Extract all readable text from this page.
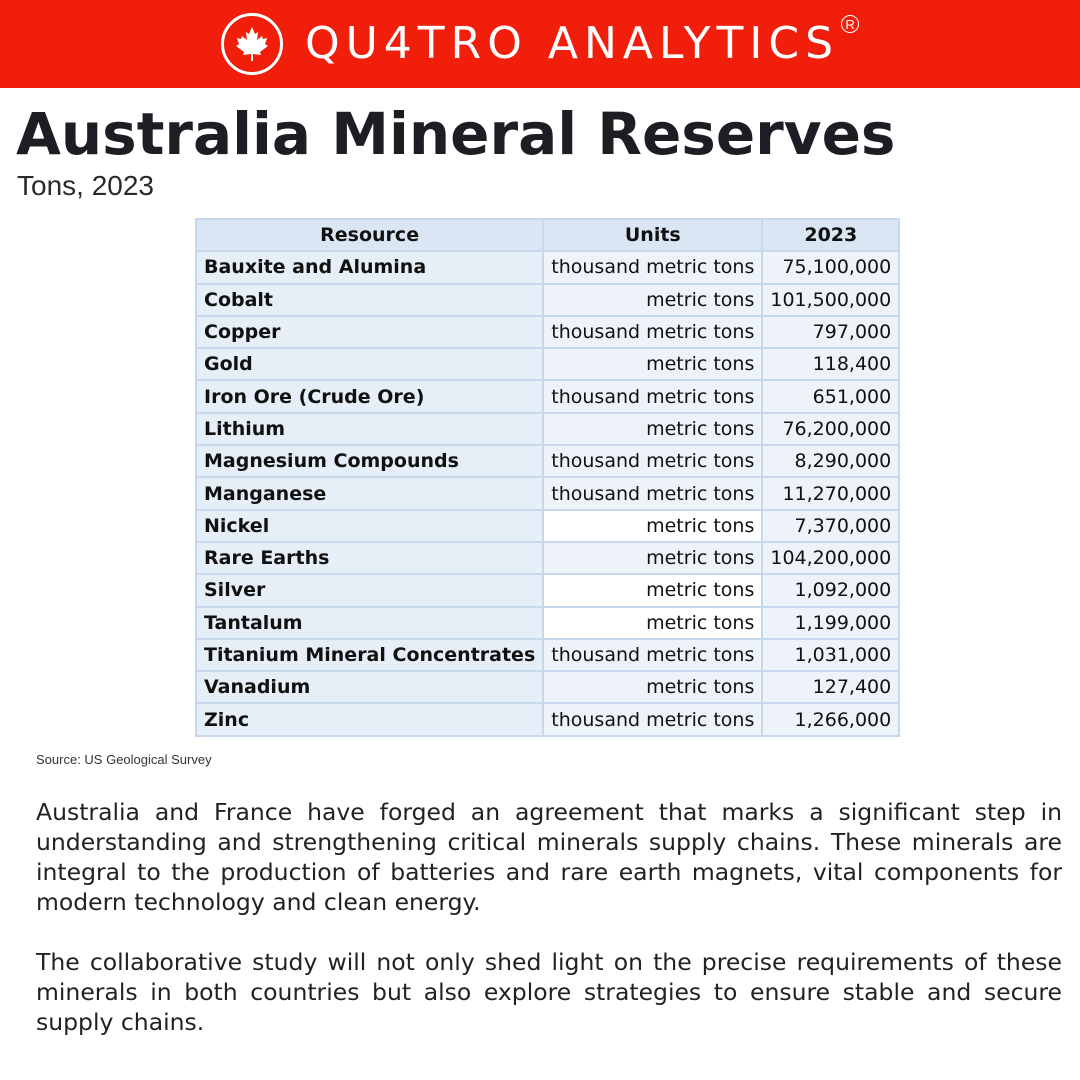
QU4TRO ANALYTICS R
Australia Mineral Reserves
Tons, 2023
Resource	Units	2023
Bauxite and Alumina	thousand metric tons	75,100,000
Cobalt	metric tons	101,500,000
Copper	thousand metric tons	797,000
Gold	metric tons	118,400
Iron Ore (Crude Ore)	thousand metric tons	651,000
Lithium	metric tons	76,200,000
Magnesium Compounds	thousand metric tons	8,290,000
Manganese	thousand metric tons	11,270,000
Nickel	metric tons	7,370,000
Rare Earths	metric tons	104,200,000
Silver	metric tons	1,092,000
Tantalum	metric tons	1,199,000
Titanium Mineral Concentrates	thousand metric tons	1,031,000
Vanadium	metric tons	127,400
Zinc	thousand metric tons	1,266,000
Source: US Geological Survey

Australia and France have forged an agreement that marks a significant step in understanding and strengthening critical minerals supply chains. These minerals are integral to the production of batteries and rare earth magnets, vital components for modern technology and clean energy.

The collaborative study will not only shed light on the precise requirements of these minerals in both countries but also explore strategies to ensure stable and secure supply chains.
